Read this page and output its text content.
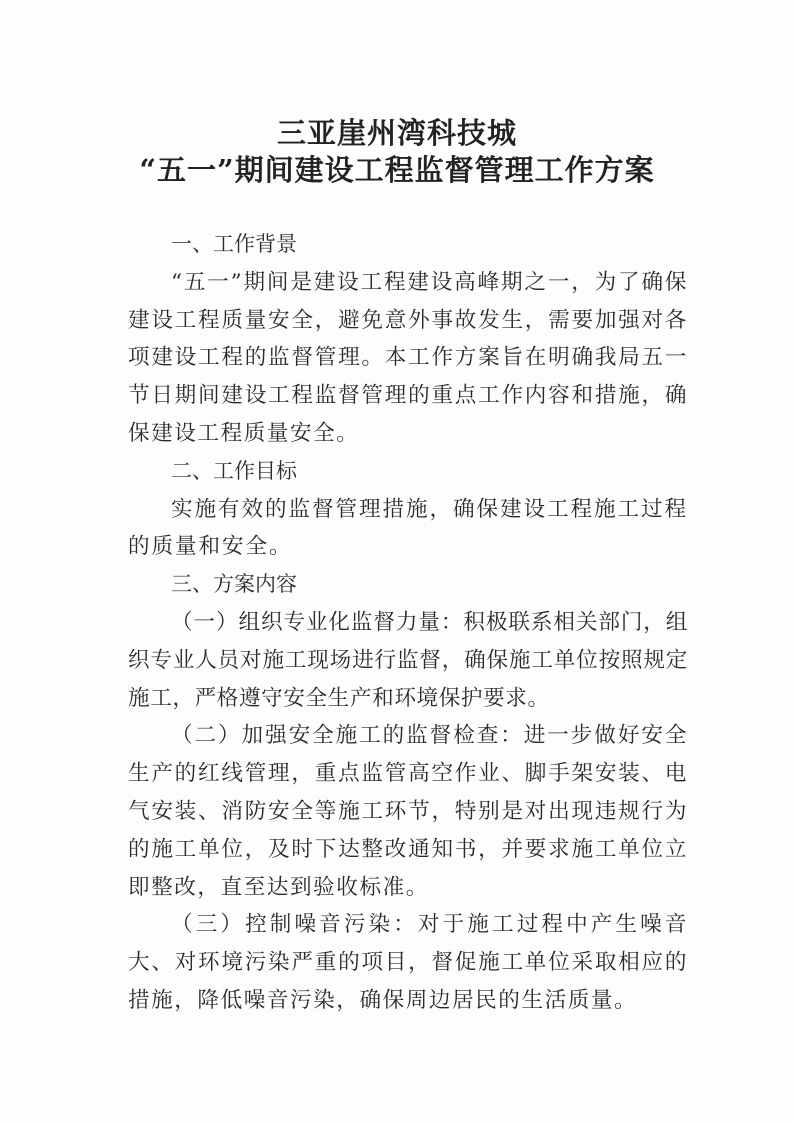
三亚崖州湾科技城
“五一”期间建设工程监督管理工作方案

一、工作背景

“五一”期间是建设工程建设高峰期之一，为了确保建设工程质量安全，避免意外事故发生，需要加强对各项建设工程的监督管理。本工作方案旨在明确我局五一节日期间建设工程监督管理的重点工作内容和措施，确保建设工程质量安全。

二、工作目标

实施有效的监督管理措施，确保建设工程施工过程的质量和安全。

三、方案内容

（一）组织专业化监督力量：积极联系相关部门，组织专业人员对施工现场进行监督，确保施工单位按照规定施工，严格遵守安全生产和环境保护要求。

（二）加强安全施工的监督检查：进一步做好安全生产的红线管理，重点监管高空作业、脚手架安装、电气安装、消防安全等施工环节，特别是对出现违规行为的施工单位，及时下达整改通知书，并要求施工单位立即整改，直至达到验收标准。

（三）控制噪音污染：对于施工过程中产生噪音大、对环境污染严重的项目，督促施工单位采取相应的措施，降低噪音污染，确保周边居民的生活质量。
